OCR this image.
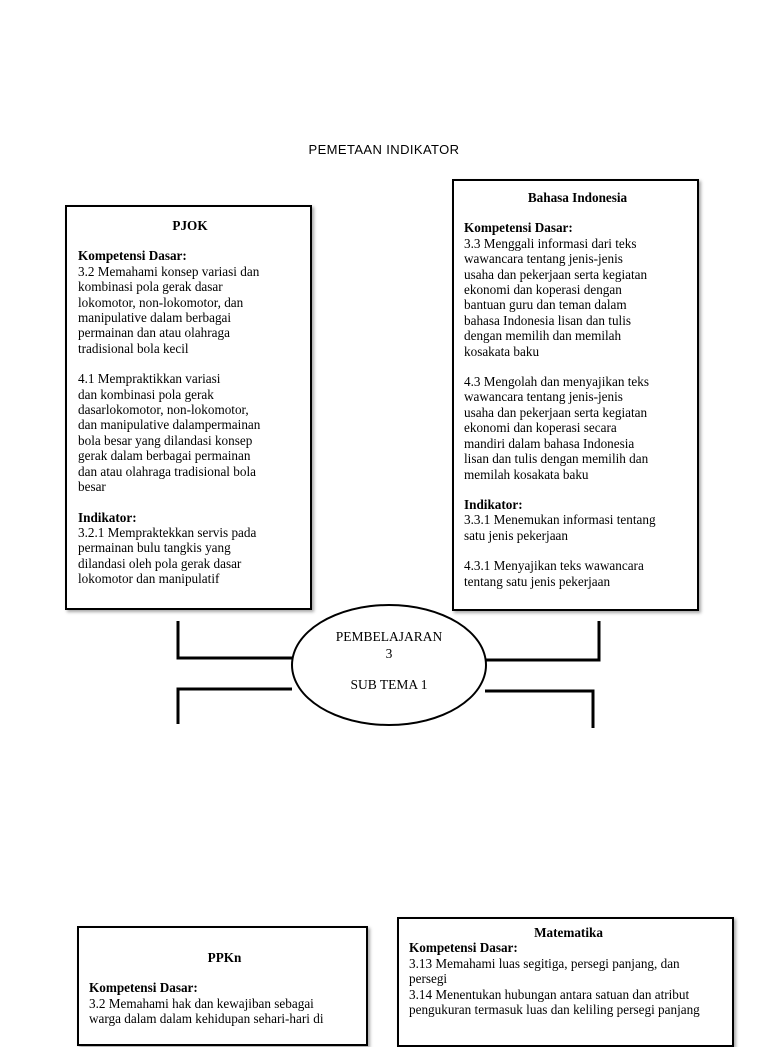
PEMETAAN INDIKATOR
PJOK
Kompetensi Dasar:
3.2 Memahami konsep variasi dan
kombinasi pola gerak dasar
lokomotor, non-lokomotor, dan
manipulative dalam berbagai
permainan dan atau olahraga
tradisional bola kecil
4.1 Mempraktikkan variasi
dan kombinasi pola gerak
dasarlokomotor, non-lokomotor,
dan manipulative dalampermainan
bola besar yang dilandasi konsep
gerak dalam berbagai permainan
dan atau olahraga tradisional bola
besar
Indikator:
3.2.1 Mempraktekkan servis pada
permainan bulu tangkis yang
dilandasi oleh pola gerak dasar
lokomotor dan manipulatif
Bahasa Indonesia
Kompetensi Dasar:
3.3 Menggali informasi dari teks
wawancara tentang jenis-jenis
usaha dan pekerjaan serta kegiatan
ekonomi dan koperasi dengan
bantuan guru dan teman dalam
bahasa Indonesia lisan dan tulis
dengan memilih dan memilah
kosakata baku
4.3 Mengolah dan menyajikan teks
wawancara tentang jenis-jenis
usaha dan pekerjaan serta kegiatan
ekonomi dan koperasi secara
mandiri dalam bahasa Indonesia
lisan dan tulis dengan memilih dan
memilah kosakata baku
Indikator:
3.3.1 Menemukan informasi tentang
satu jenis pekerjaan
4.3.1 Menyajikan teks wawancara
tentang satu jenis pekerjaan
PEMBELAJARAN
3
SUB TEMA 1
PPKn
Kompetensi Dasar:
3.2 Memahami hak dan kewajiban sebagai
warga dalam dalam kehidupan sehari-hari di
Matematika
Kompetensi Dasar:
3.13 Memahami luas segitiga, persegi panjang, dan
persegi
3.14 Menentukan hubungan antara satuan dan atribut
pengukuran termasuk luas dan keliling persegi panjang
